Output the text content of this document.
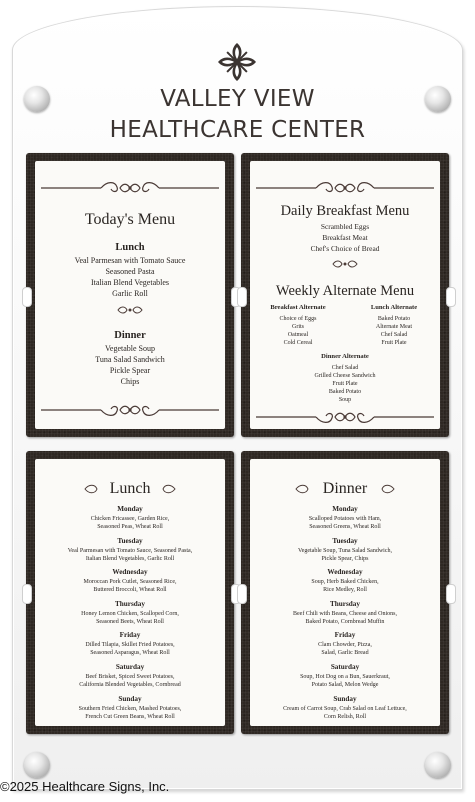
VALLEY VIEW
HEALTHCARE CENTER
Today's Menu
Lunch
Veal Parmesan with Tomato Sauce
Seasoned Pasta
Italian Blend Vegetables
Garlic Roll
Dinner
Vegetable Soup
Tuna Salad Sandwich
Pickle Spear
Chips
Daily Breakfast Menu
Scrambled Eggs
Breakfast Meat
Chef's Choice of Bread
Weekly Alternate Menu
Breakfast Alternate
Choice of Eggs
Grits
Oatmeal
Cold Cereal
Lunch Alternate
Baked Potato
Alternate Meat
Chef Salad
Fruit Plate
Dinner Alternate
Chef Salad
Grilled Cheese Sandwich
Fruit Plate
Baked Potato
Soup
Lunch
Monday
Chicken Fricassee, Garden Rice,
Seasoned Peas, Wheat Roll
Tuesday
Veal Parmesan with Tomato Sauce, Seasoned Pasta,
Italian Blend Vegetables, Garlic Roll
Wednesday
Moroccan Pork Cutlet, Seasoned Rice,
Buttered Broccoli, Wheat Roll
Thursday
Honey Lemon Chicken, Scalloped Corn,
Seasoned Beets, Wheat Roll
Friday
Dilled Tilapia, Skillet Fried Potatoes,
Seasoned Asparagus, Wheat Roll
Saturday
Beef Brisket, Spiced Sweet Potatoes,
California Blended Vegetables, Cornbread
Sunday
Southern Fried Chicken, Mashed Potatoes,
French Cut Green Beans, Wheat Roll
Dinner
Monday
Scalloped Potatoes with Ham,
Seasoned Greens, Wheat Roll
Tuesday
Vegetable Soup, Tuna Salad Sandwich,
Pickle Spear, Chips
Wednesday
Soup, Herb Baked Chicken,
Rice Medley, Roll
Thursday
Beef Chili with Beans, Cheese and Onions,
Baked Potato, Cornbread Muffin
Friday
Clam Chowder, Pizza,
Salad, Garlic Bread
Saturday
Soup, Hot Dog on a Bun, Sauerkraut,
Potato Salad, Melon Wedge
Sunday
Cream of Carrot Soup, Crab Salad on Leaf Lettuce,
Corn Relish, Roll
©2025 Healthcare Signs, Inc.
